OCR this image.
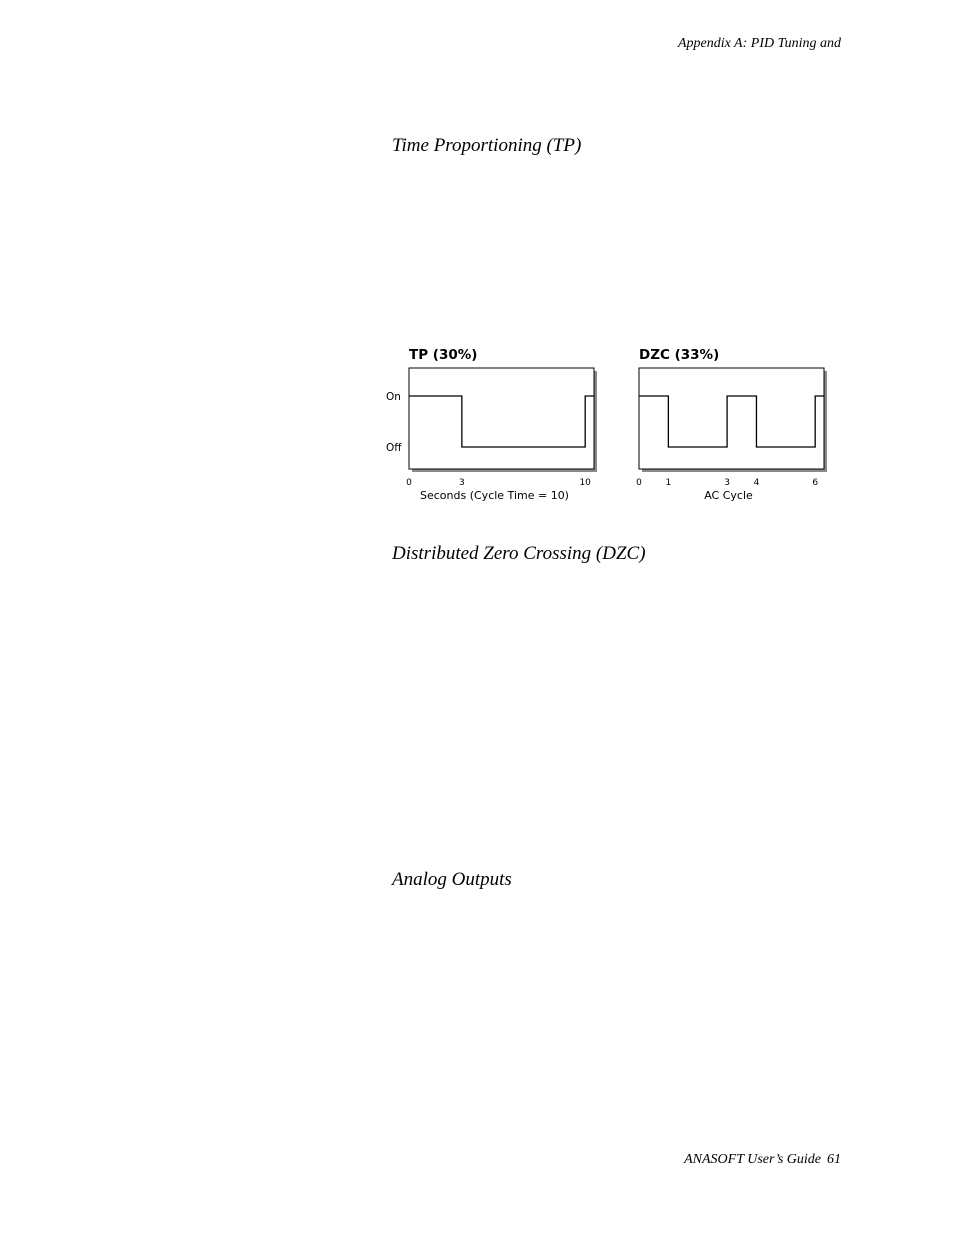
Appendix A: PID Tuning and
Time Proportioning (TP)
TP (30%)
On
Off
0	3	10
Seconds (Cycle Time = 10)
DZC (33%)
0	1	3	4	6
AC Cycle
Distributed Zero Crossing (DZC)
Analog Outputs
ANASOFT User’s Guide 61
